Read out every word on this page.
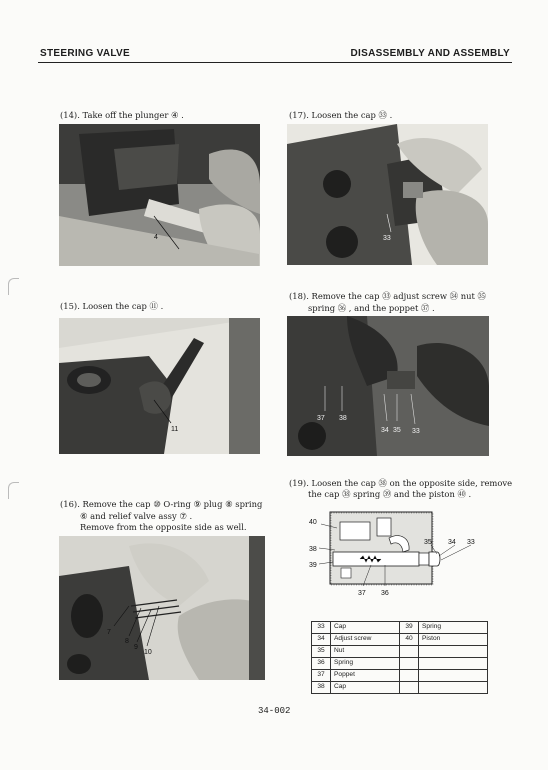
STEERING VALVE	DISASSEMBLY AND ASSEMBLY
(14). Take off the plunger ④ .
4
(15). Loosen the cap ⑪ .
11
(16). Remove the cap ⑩ O-ring ⑨ plug ⑧ spring
⑥ and relief valve assy ⑦ .
Remove from the opposite side as well.
7
8
9
10
(17). Loosen the cap ㉝ .
33
(18). Remove the cap ㉝ adjust screw ㉞ nut ㉟
spring ㊱ , and the poppet ㊲ .
37 38
34 35 33
(19). Loosen the cap ㊳ on the opposite side, remove
the cap ㊳ spring ㊴ and the piston ㊵ .
40
38
39
35 34 33
37 36
33	Cap	39	Spring
34	Adjust screw	40	Piston
35	Nut		
36	Spring		
37	Poppet		
38	Cap		
34-002
